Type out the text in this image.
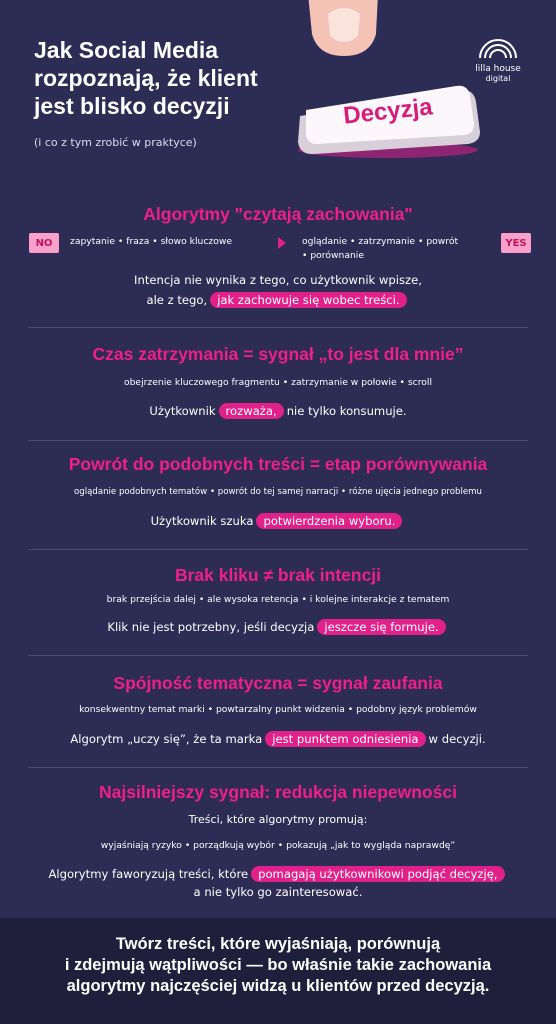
Jak Social Media
rozpoznają, że klient
jest blisko decyzji
(i co z tym zrobić w praktyce)
Decyzja
lilla house
digital
Algorytmy "czytają zachowania"
NO	zapytanie • fraza • słowo kluczowe	oglądanie • zatrzymanie • powrót
• porównanie
YES
Intencja nie wynika z tego, co użytkownik wpisze,
ale z tego, jak zachowuje się wobec treści.
Czas zatrzymania = sygnał „to jest dla mnie”
obejrzenie kluczowego fragmentu • zatrzymanie w połowie • scroll
Użytkownik rozważa, nie tylko konsumuje.
Powrót do podobnych treści = etap porównywania
oglądanie podobnych tematów • powrót do tej samej narracji • różne ujęcia jednego problemu
Użytkownik szuka potwierdzenia wyboru.
Brak kliku ≠ brak intencji
brak przejścia dalej • ale wysoka retencja • i kolejne interakcje z tematem
Klik nie jest potrzebny, jeśli decyzja jeszcze się formuje.
Spójność tematyczna = sygnał zaufania
konsekwentny temat marki • powtarzalny punkt widzenia • podobny język problemów
Algorytm „uczy się”, że ta marka jest punktem odniesienia w decyzji.
Najsilniejszy sygnał: redukcja niepewności
Treści, które algorytmy promują:
wyjaśniają ryzyko • porządkują wybór • pokazują „jak to wygląda naprawdę”
Algorytmy faworyzują treści, które pomagają użytkownikowi podjąć decyzję,
a nie tylko go zainteresować.
Twórz treści, które wyjaśniają, porównują
i zdejmują wątpliwości — bo właśnie takie zachowania
algorytmy najczęściej widzą u klientów przed decyzją.
